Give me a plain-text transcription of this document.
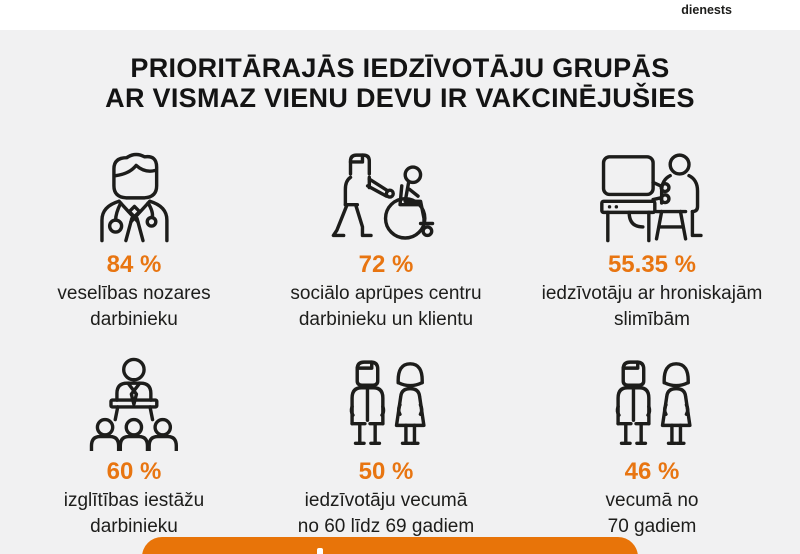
dienests
PRIORITĀRAJĀS IEDZĪVOTĀJU GRUPĀS
AR VISMAZ VIENU DEVU IR VAKCINĒJUŠIES
84 %
veselības nozares
darbinieku
72 %
sociālo aprūpes centru
darbinieku un klientu
55.35 %
iedzīvotāju ar hroniskajām
slimībām
60 %
izglītības iestāžu
darbinieku
50 %
iedzīvotāju vecumā
no 60 līdz 69 gadiem
46 %
vecumā no
70 gadiem
